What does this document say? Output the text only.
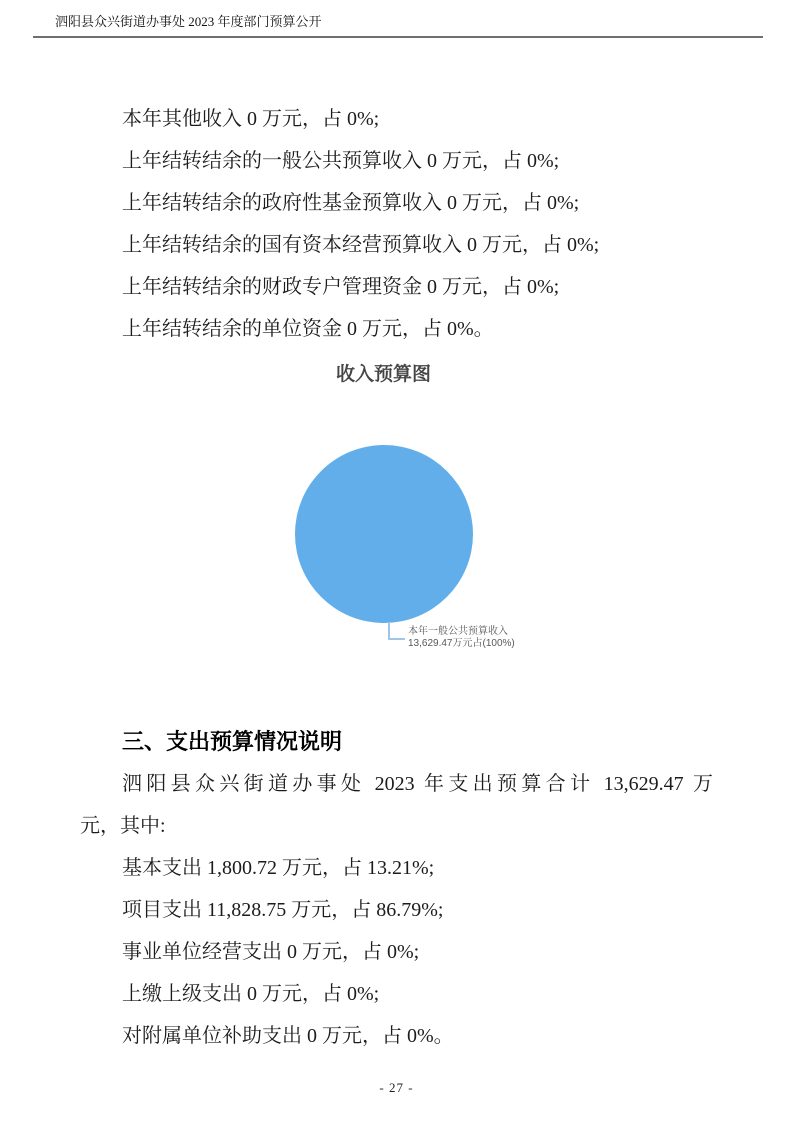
泗阳县众兴街道办事处 2023 年度部门预算公开

本年其他收入 0 万元，占 0%;

上年结转结余的一般公共预算收入 0 万元，占 0%;

上年结转结余的政府性基金预算收入 0 万元，占 0%;

上年结转结余的国有资本经营预算收入 0 万元，占 0%;

上年结转结余的财政专户管理资金 0 万元，占 0%;

上年结转结余的单位资金 0 万元，占 0%。

收入预算图
本年一般公共预算收入
13,629.47万元占(100%)
三、支出预算情况说明

泗阳县众兴街道办事处 2023 年支出预算合计 13,629.47 万

元，其中:

基本支出 1,800.72 万元，占 13.21%;

项目支出 11,828.75 万元，占 86.79%;

事业单位经营支出 0 万元，占 0%;

上缴上级支出 0 万元，占 0%;

对附属单位补助支出 0 万元，占 0%。

- 27 -
